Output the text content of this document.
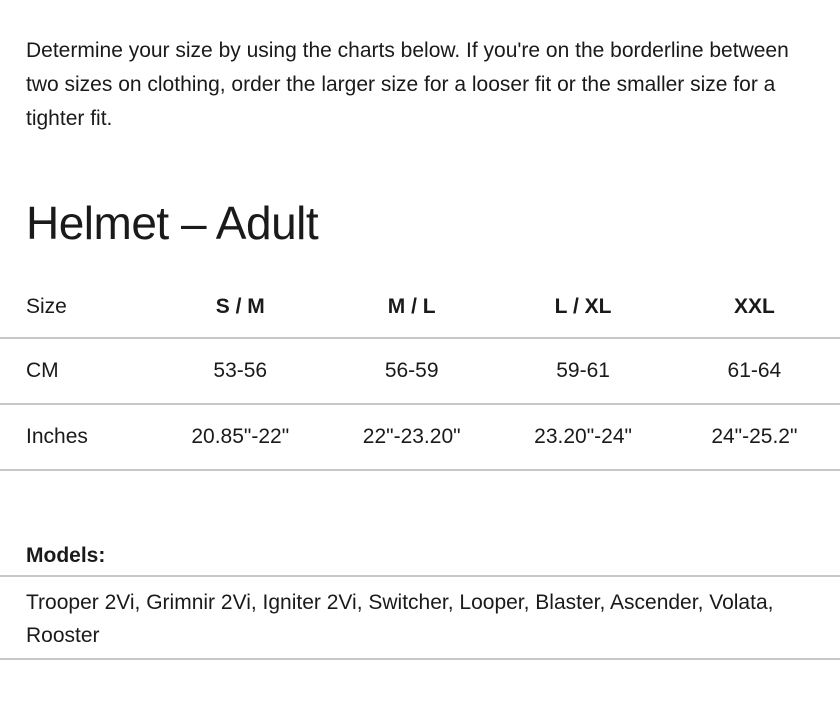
Determine your size by using the charts below. If you're on the borderline between two sizes on clothing, order the larger size for a looser fit or the smaller size for a tighter fit.

Helmet – Adult
Size	S / M	M / L	L / XL	XXL
CM	53-56	56-59	59-61	61-64
Inches	20.85"-22"	22"-23.20"	23.20"-24"	24"-25.2"
Models:
Trooper 2Vi, Grimnir 2Vi, Igniter 2Vi, Switcher, Looper, Blaster, Ascender, Volata, Rooster
